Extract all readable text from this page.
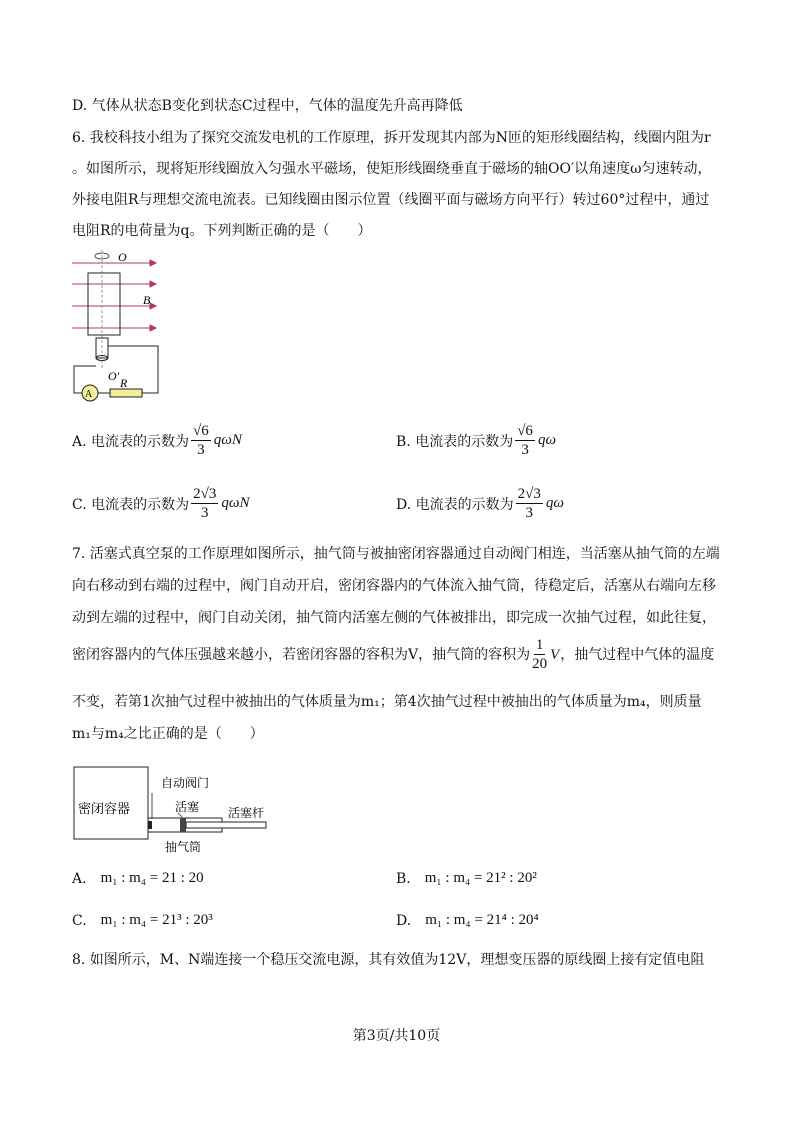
D. 气体从状态B变化到状态C过程中，气体的温度先升高再降低
6. 我校科技小组为了探究交流发电机的工作原理，拆开发现其内部为N匝的矩形线圈结构，线圈内阻为r
。如图所示，现将矩形线圈放入匀强水平磁场，使矩形线圈绕垂直于磁场的轴OO′以角速度ω匀速转动，
外接电阻R与理想交流电流表。已知线圈由图示位置（线圈平面与磁场方向平行）转过60°过程中，通过
电阻R的电荷量为q。下列判断正确的是（　　）
O
B
O′
A
R
A. 电流表的示数为 $\frac{√6}{3}$ qωN	B. 电流表的示数为 $\frac{√6}{3}$ qω
C. 电流表的示数为 $\frac{2√3}{3}$ qωN	D. 电流表的示数为 $\frac{2√3}{3}$ qω
7. 活塞式真空泵的工作原理如图所示，抽气筒与被抽密闭容器通过自动阀门相连，当活塞从抽气筒的左端
向右移动到右端的过程中，阀门自动开启，密闭容器内的气体流入抽气筒，待稳定后，活塞从右端向左移
动到左端的过程中，阀门自动关闭，抽气筒内活塞左侧的气体被排出，即完成一次抽气过程，如此往复，
密闭容器内的气体压强越来越小，若密闭容器的容积为V，抽气筒的容积为 $\frac{1}{20}$ V ，抽气过程中气体的温度
不变，若第1次抽气过程中被抽出的气体质量为m₁；第4次抽气过程中被抽出的气体质量为m₄，则质量
m₁与m₄之比正确的是（　　）
密闭容器
自动阀门
活塞 活塞杆
抽气筒
A. m₁ : m₄ = 21 : 20	B. m₁ : m₄ = 21² : 20²
C. m₁ : m₄ = 21³ : 20³	D. m₁ : m₄ = 21⁴ : 20⁴
8. 如图所示，M、N端连接一个稳压交流电源，其有效值为12V，理想变压器的原线圈上接有定值电阻
第3页/共10页
